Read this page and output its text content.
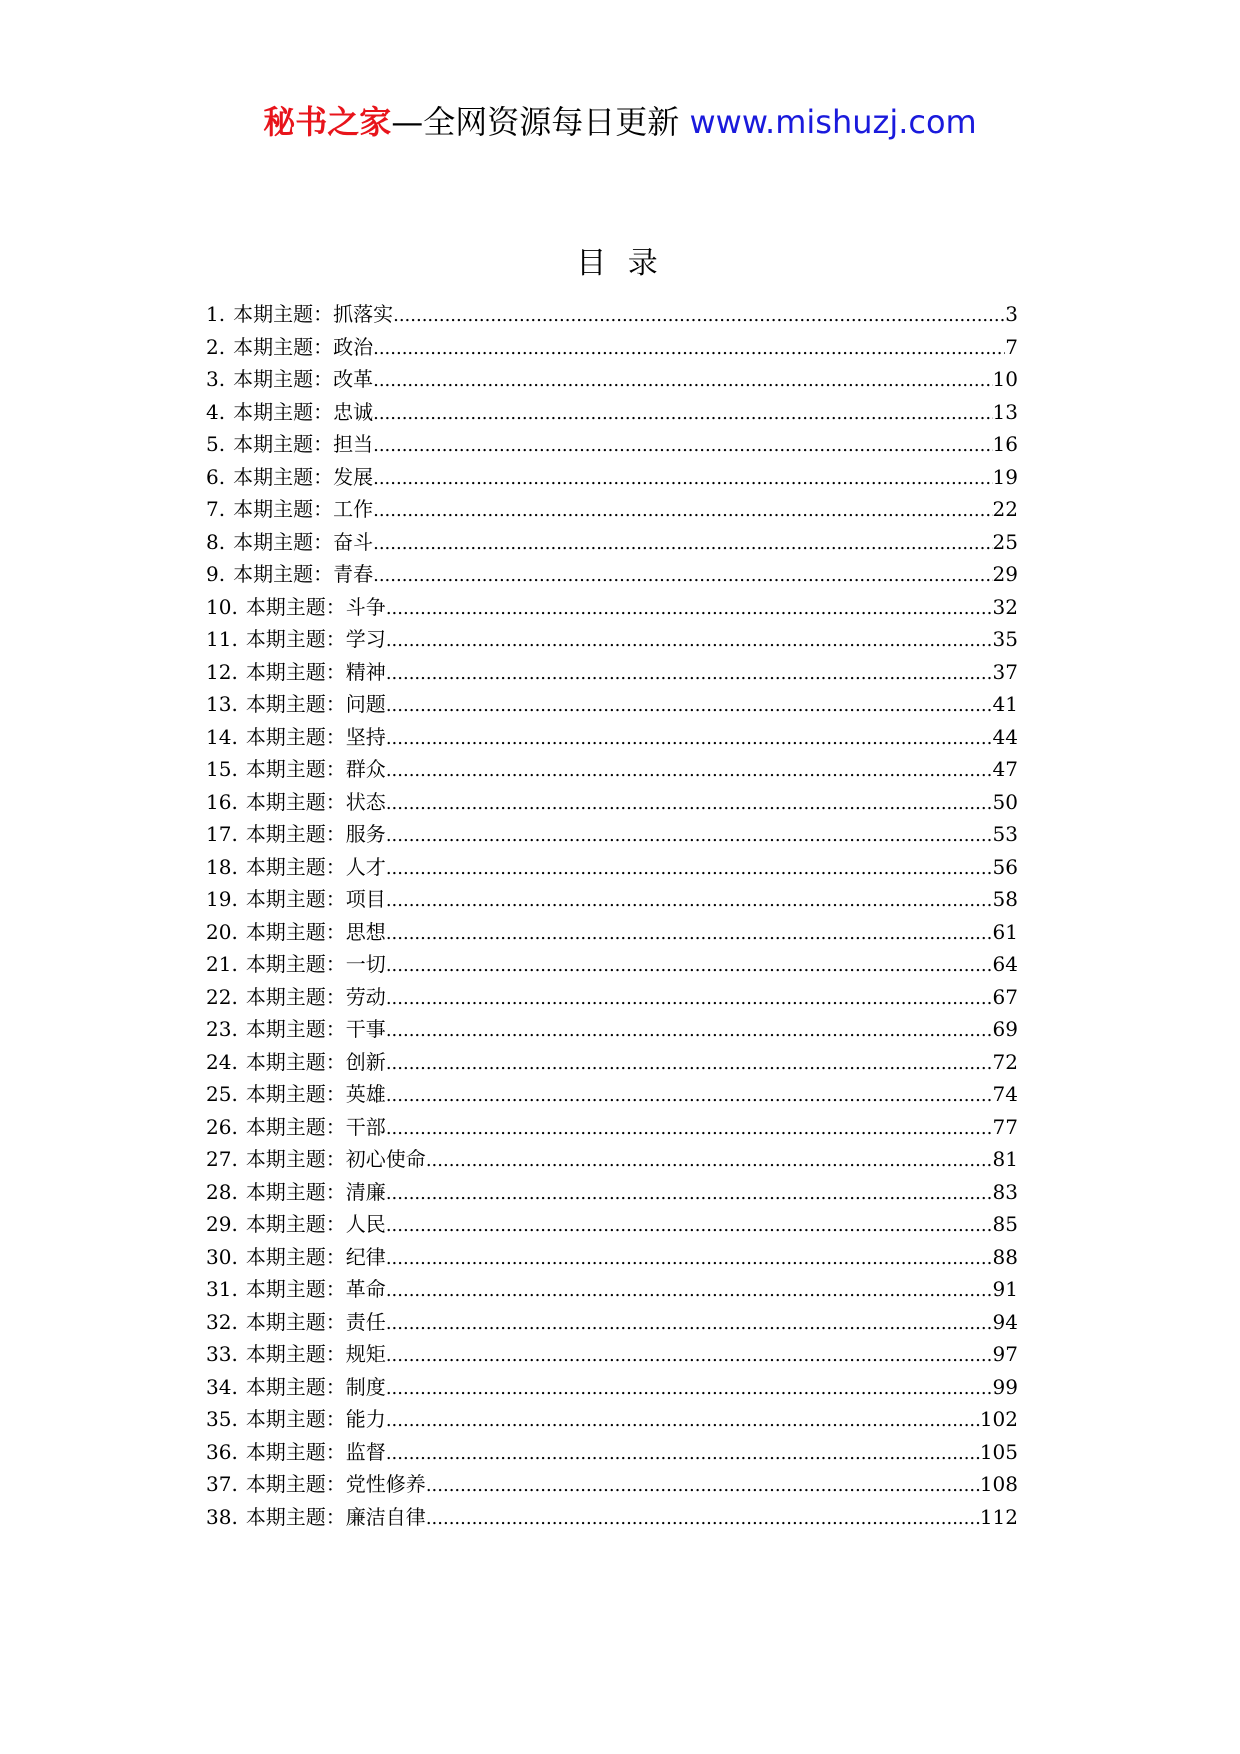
秘书之家—全网资源每日更新 www.mishuzj.com
目 录
1. 本期主题：抓落实 .....	3
2. 本期主题：政治 .....	7
3. 本期主题：改革 .....	10
4. 本期主题：忠诚 .....	13
5. 本期主题：担当 .....	16
6. 本期主题：发展 .....	19
7. 本期主题：工作 .....	22
8. 本期主题：奋斗 .....	25
9. 本期主题：青春 .....	29
10. 本期主题：斗争 .....	32
11. 本期主题：学习 .....	35
12. 本期主题：精神 .....	37
13. 本期主题：问题 .....	41
14. 本期主题：坚持 .....	44
15. 本期主题：群众 .....	47
16. 本期主题：状态 .....	50
17. 本期主题：服务 .....	53
18. 本期主题：人才 .....	56
19. 本期主题：项目 .....	58
20. 本期主题：思想 .....	61
21. 本期主题：一切 .....	64
22. 本期主题：劳动 .....	67
23. 本期主题：干事 .....	69
24. 本期主题：创新 .....	72
25. 本期主题：英雄 .....	74
26. 本期主题：干部 .....	77
27. 本期主题：初心使命 .....	81
28. 本期主题：清廉 .....	83
29. 本期主题：人民 .....	85
30. 本期主题：纪律 .....	88
31. 本期主题：革命 .....	91
32. 本期主题：责任 .....	94
33. 本期主题：规矩 .....	97
34. 本期主题：制度 .....	99
35. 本期主题：能力 .....	102
36. 本期主题：监督 .....	105
37. 本期主题：党性修养 .....	108
38. 本期主题：廉洁自律 .....	112
